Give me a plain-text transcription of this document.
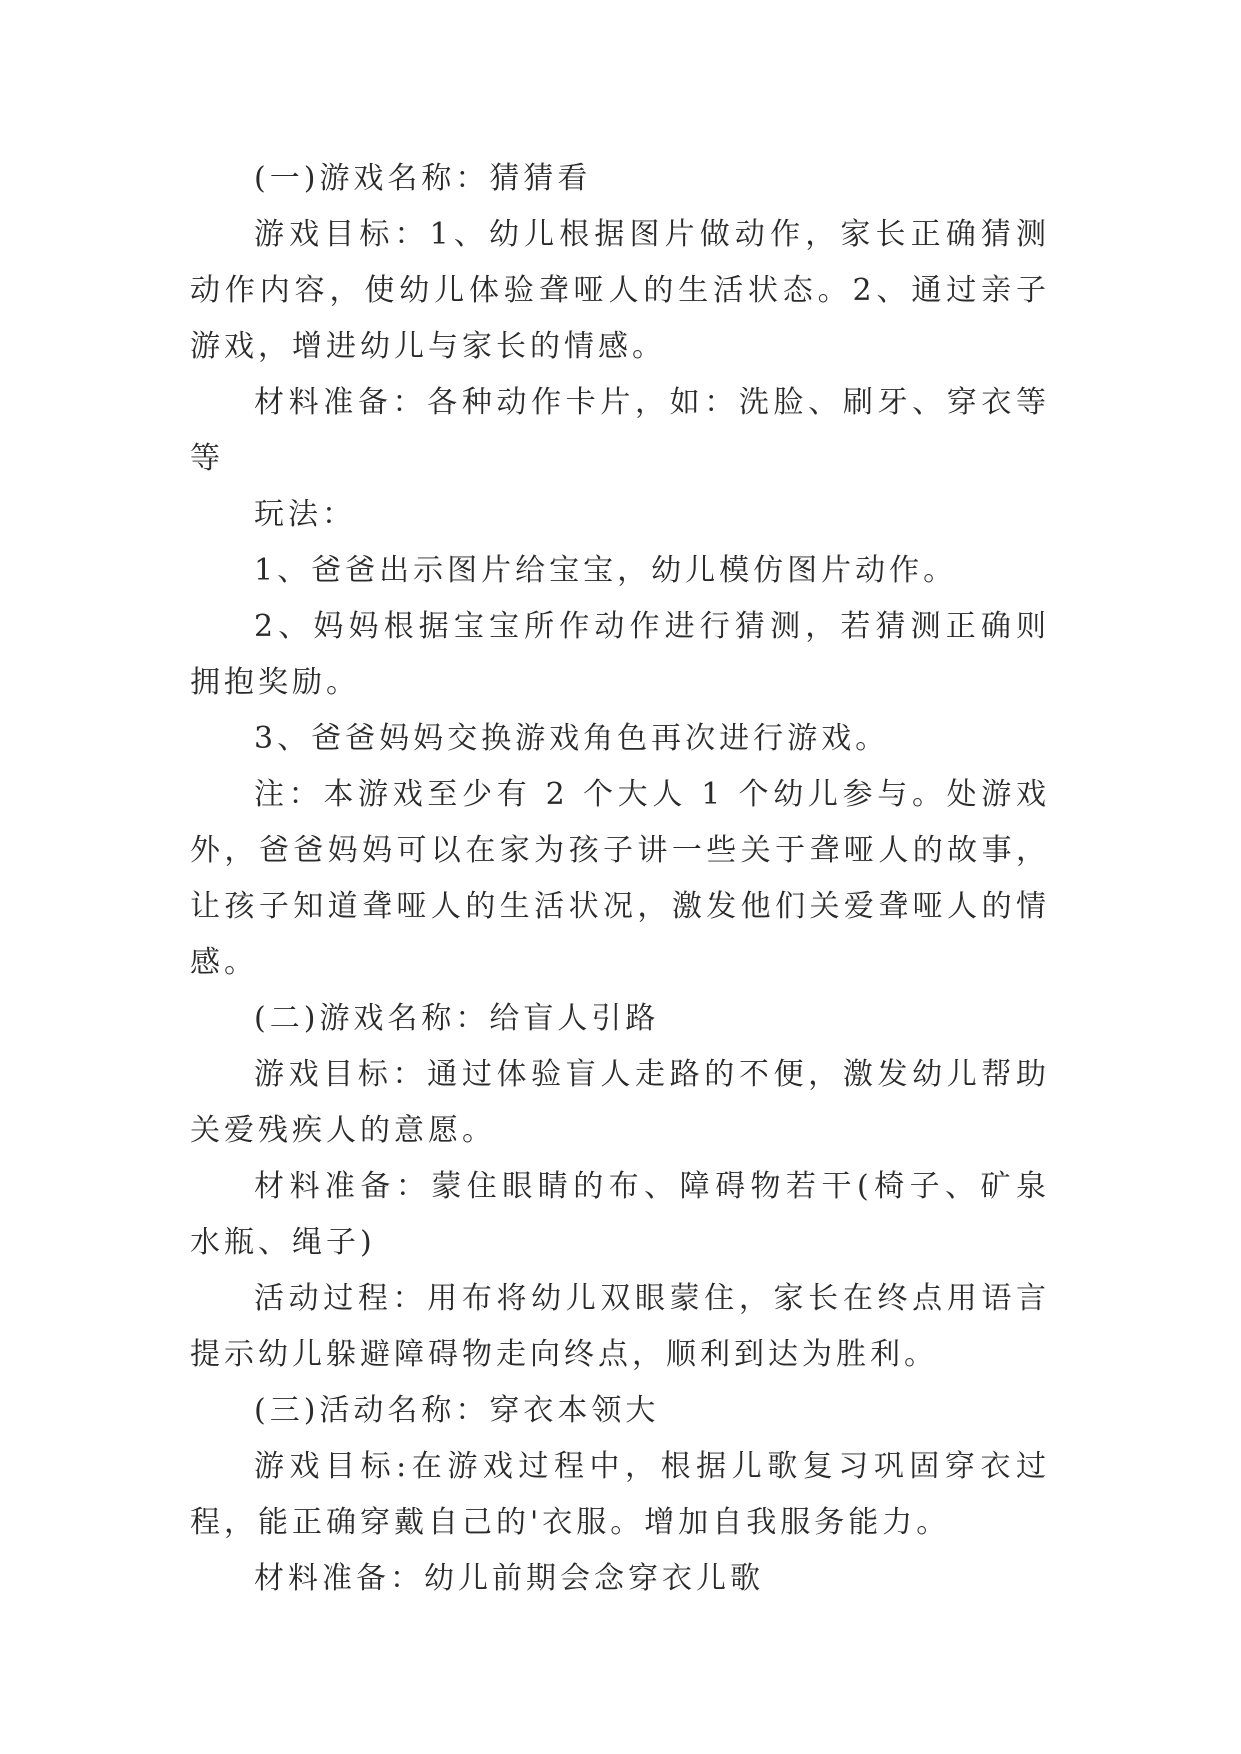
(一)游戏名称：猜猜看

游戏目标：1、幼儿根据图片做动作，家长正确猜测动作内容，使幼儿体验聋哑人的生活状态。2、通过亲子游戏，增进幼儿与家长的情感。

材料准备：各种动作卡片，如：洗脸、刷牙、穿衣等等

玩法：

1、爸爸出示图片给宝宝，幼儿模仿图片动作。

2、妈妈根据宝宝所作动作进行猜测，若猜测正确则拥抱奖励。

3、爸爸妈妈交换游戏角色再次进行游戏。

注：本游戏至少有 2 个大人 1 个幼儿参与。处游戏外，爸爸妈妈可以在家为孩子讲一些关于聋哑人的故事，让孩子知道聋哑人的生活状况，激发他们关爱聋哑人的情感。

(二)游戏名称：给盲人引路

游戏目标：通过体验盲人走路的不便，激发幼儿帮助关爱残疾人的意愿。

材料准备：蒙住眼睛的布、障碍物若干(椅子、矿泉水瓶、绳子)

活动过程：用布将幼儿双眼蒙住，家长在终点用语言提示幼儿躲避障碍物走向终点，顺利到达为胜利。

(三)活动名称：穿衣本领大

游戏目标:在游戏过程中，根据儿歌复习巩固穿衣过程，能正确穿戴自己的'衣服。增加自我服务能力。

材料准备：幼儿前期会念穿衣儿歌
